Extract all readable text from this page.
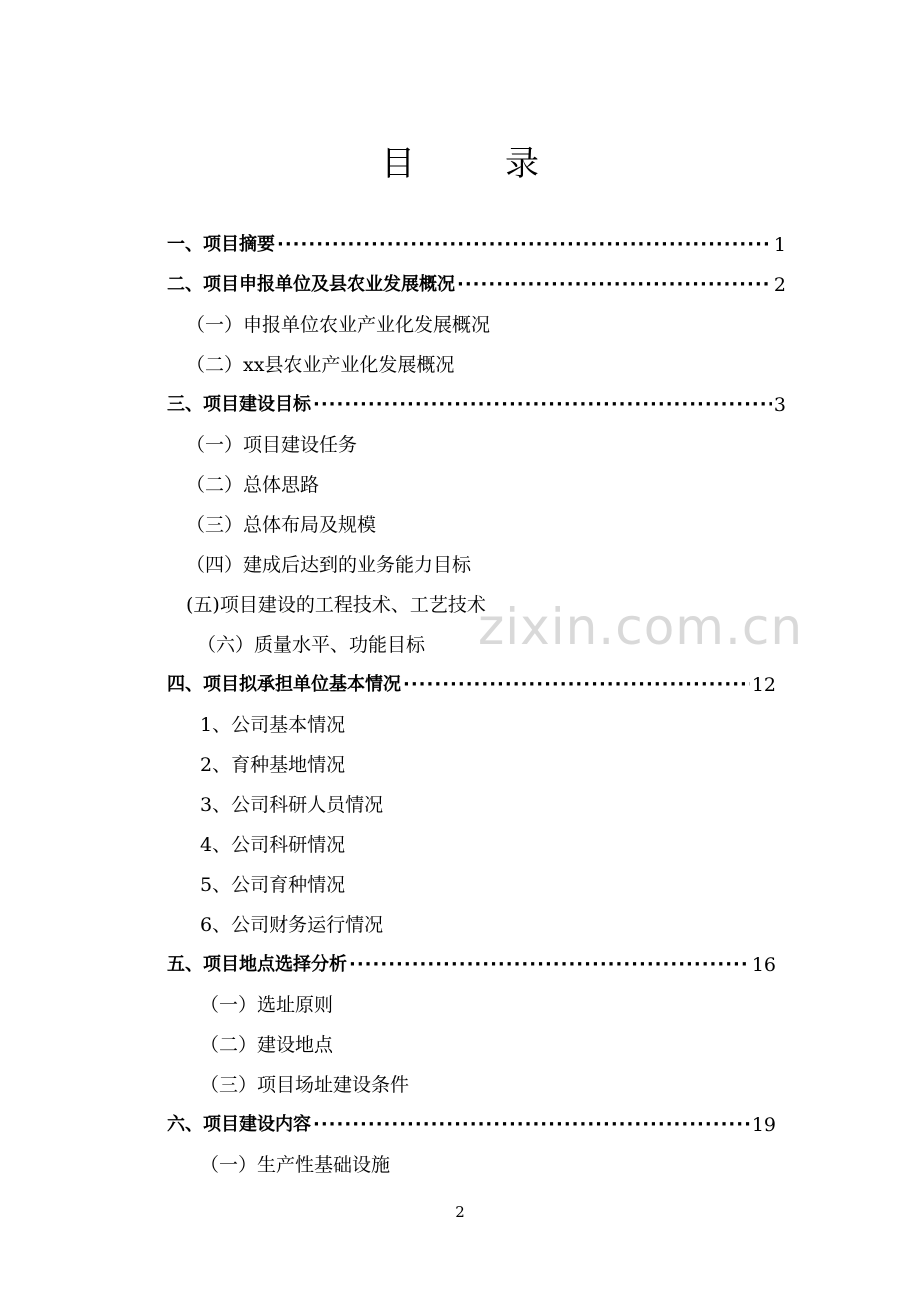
目	录
一、项目摘要 ·····	1
二、项目申报单位及县农业发展概况 ·····	2
（一）申报单位农业产业化发展概况
（二）xx县农业产业化发展概况
三、项目建设目标 ·····	3
（一）项目建设任务
（二）总体思路
（三）总体布局及规模
（四）建成后达到的业务能力目标
(五)项目建设的工程技术、工艺技术
（六）质量水平、功能目标
四、项目拟承担单位基本情况 ·····	12
1、公司基本情况
2、育种基地情况
3、公司科研人员情况
4、公司科研情况
5、公司育种情况
6、公司财务运行情况
五、项目地点选择分析 ·····	16
（一）选址原则
（二）建设地点
（三）项目场址建设条件
六、项目建设内容 ·····	19
（一）生产性基础设施
zixin.com.cn
2
